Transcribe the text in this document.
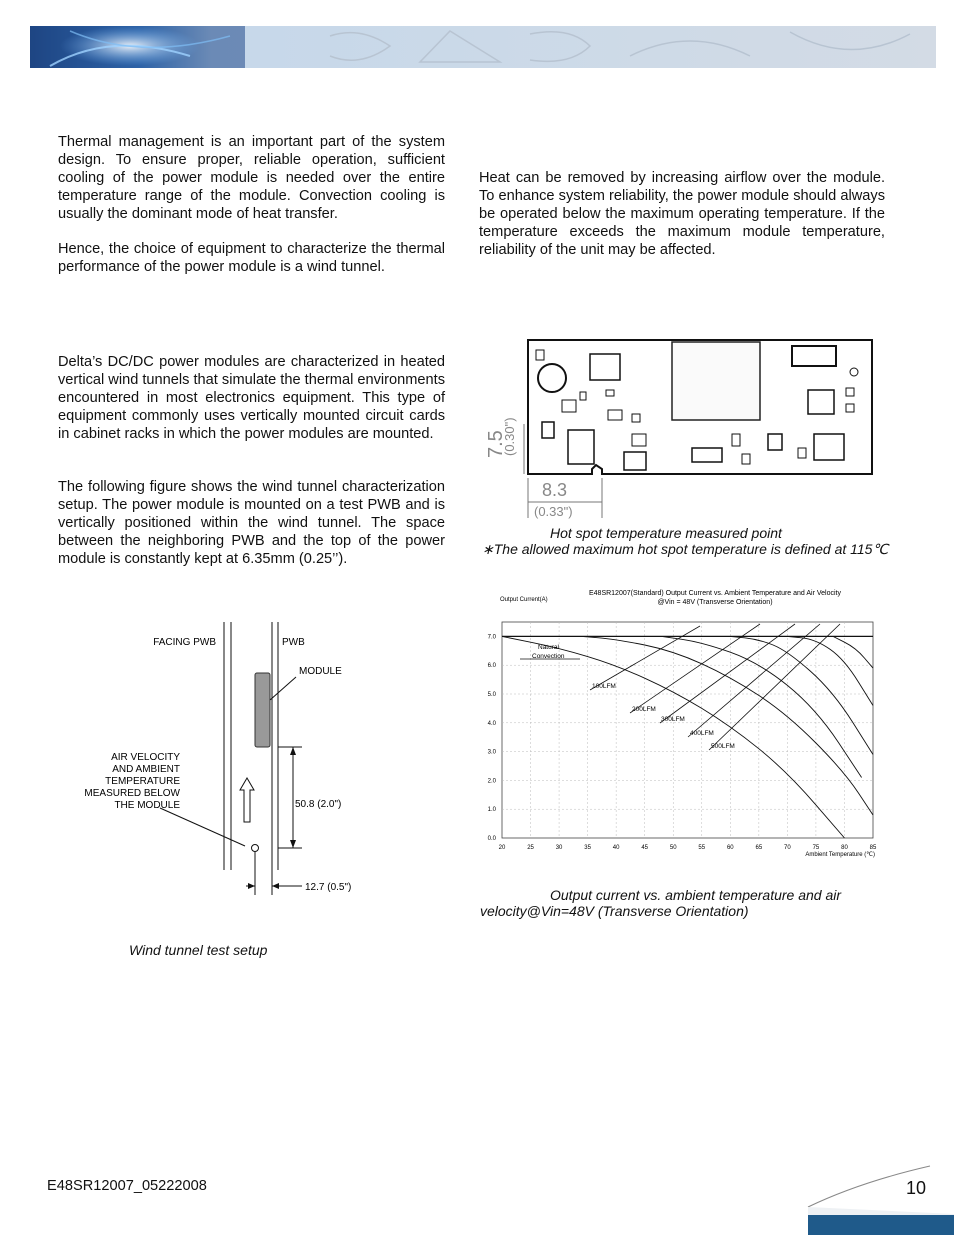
Thermal management is an important part of the system design. To ensure proper, reliable operation, sufficient cooling of the power module is needed over the entire temperature range of the module. Convection cooling is usually the dominant mode of heat transfer.

Hence, the choice of equipment to characterize the thermal performance of the power module is a wind tunnel.

Delta’s DC/DC power modules are characterized in heated vertical wind tunnels that simulate the thermal environments encountered in most electronics equipment. This type of equipment commonly uses vertically mounted circuit cards in cabinet racks in which the power modules are mounted.

The following figure shows the wind tunnel characterization setup. The power module is mounted on a test PWB and is vertically positioned within the wind tunnel. The space between the neighboring PWB and the top of the power module is constantly kept at 6.35mm (0.25’’).

Heat can be removed by increasing airflow over the module. To enhance system reliability, the power module should always be operated below the maximum operating temperature. If the temperature exceeds the maximum module temperature, reliability of the unit may be affected.

7.5
(0.30")
8.3
(0.33")
Hot spot temperature measured point
∗The allowed maximum hot spot temperature is defined at 115℃
FACING PWB	PWB
MODULE
AIR VELOCITY
AND AMBIENT
TEMPERATURE
MEASURED BELOW
THE MODULE	50.8 (2.0")
12.7 (0.5")
Wind tunnel test setup
E48SR12007(Standard) Output Current vs. Ambient Temperature and Air Velocity
@Vin = 48V (Transverse Orientation)
Output Current(A)
Ambient Temperature (℃)
20	25	30	35	40	45	50	55	60	65	70	75	80	85
0.0
1.0
2.0
3.0
4.0
5.0
6.0
7.0
Natural
Convection
100LFM
200LFM
300LFM
400LFM
500LFM
Output current vs. ambient temperature and air
velocity@Vin=48V (Transverse Orientation)
E48SR12007_05222008	10
